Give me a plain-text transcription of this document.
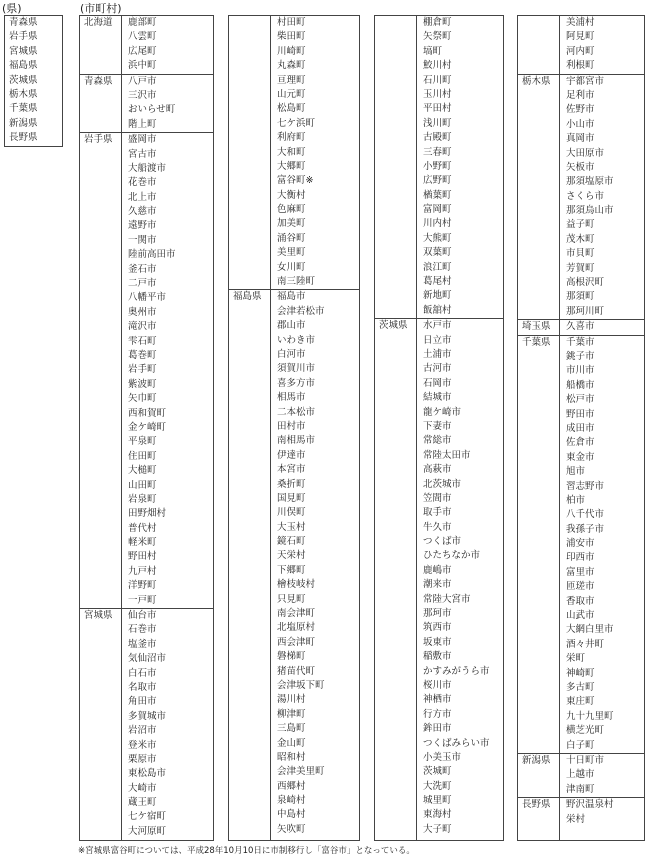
(県)	(市町村)
青森県
岩手県
宮城県
福島県
茨城県
栃木県
千葉県
新潟県
長野県
北海道	鹿部町
八雲町
広尾町
浜中町
青森県	八戸市
三沢市
おいらせ町
階上町
岩手県	盛岡市
宮古市
大船渡市
花巻市
北上市
久慈市
遠野市
一関市
陸前高田市
釜石市
二戸市
八幡平市
奥州市
滝沢市
雫石町
葛巻町
岩手町
紫波町
矢巾町
西和賀町
金ケ崎町
平泉町
住田町
大槌町
山田町
岩泉町
田野畑村
普代村
軽米町
野田村
九戸村
洋野町
一戸町
宮城県	仙台市
石巻市
塩釜市
気仙沼市
白石市
名取市
角田市
多賀城市
岩沼市
登米市
栗原市
東松島市
大崎市
蔵王町
七ケ宿町
大河原町
村田町
柴田町
川崎町
丸森町
亘理町
山元町
松島町
七ケ浜町
利府町
大和町
大郷町
富谷町※
大衡村
色麻町
加美町
涌谷町
美里町
女川町
南三陸町
福島県	福島市
会津若松市
郡山市
いわき市
白河市
須賀川市
喜多方市
相馬市
二本松市
田村市
南相馬市
伊達市
本宮市
桑折町
国見町
川俣町
大玉村
鏡石町
天栄村
下郷町
檜枝岐村
只見町
南会津町
北塩原村
西会津町
磐梯町
猪苗代町
会津坂下町
湯川村
柳津町
三島町
金山町
昭和村
会津美里町
西郷村
泉崎村
中島村
矢吹町
棚倉町
矢祭町
塙町
鮫川村
石川町
玉川村
平田村
浅川町
古殿町
三春町
小野町
広野町
楢葉町
富岡町
川内村
大熊町
双葉町
浪江町
葛尾村
新地町
飯舘村
茨城県	水戸市
日立市
土浦市
古河市
石岡市
結城市
龍ケ崎市
下妻市
常総市
常陸太田市
高萩市
北茨城市
笠間市
取手市
牛久市
つくば市
ひたちなか市
鹿嶋市
潮来市
常陸大宮市
那珂市
筑西市
坂東市
稲敷市
かすみがうら市
桜川市
神栖市
行方市
鉾田市
つくばみらい市
小美玉市
茨城町
大洗町
城里町
東海村
大子町
美浦村
阿見町
河内町
利根町
栃木県	宇都宮市
足利市
佐野市
小山市
真岡市
大田原市
矢板市
那須塩原市
さくら市
那須烏山市
益子町
茂木町
市貝町
芳賀町
高根沢町
那須町
那珂川町
埼玉県	久喜市
千葉県	千葉市
銚子市
市川市
船橋市
松戸市
野田市
成田市
佐倉市
東金市
旭市
習志野市
柏市
八千代市
我孫子市
浦安市
印西市
富里市
匝瑳市
香取市
山武市
大網白里市
酒々井町
栄町
神崎町
多古町
東庄町
九十九里町
横芝光町
白子町
新潟県	十日町市
上越市
津南町
長野県	野沢温泉村
栄村
※宮城県富谷町については、平成28年10月10日に市制移行し「富谷市」となっている。
